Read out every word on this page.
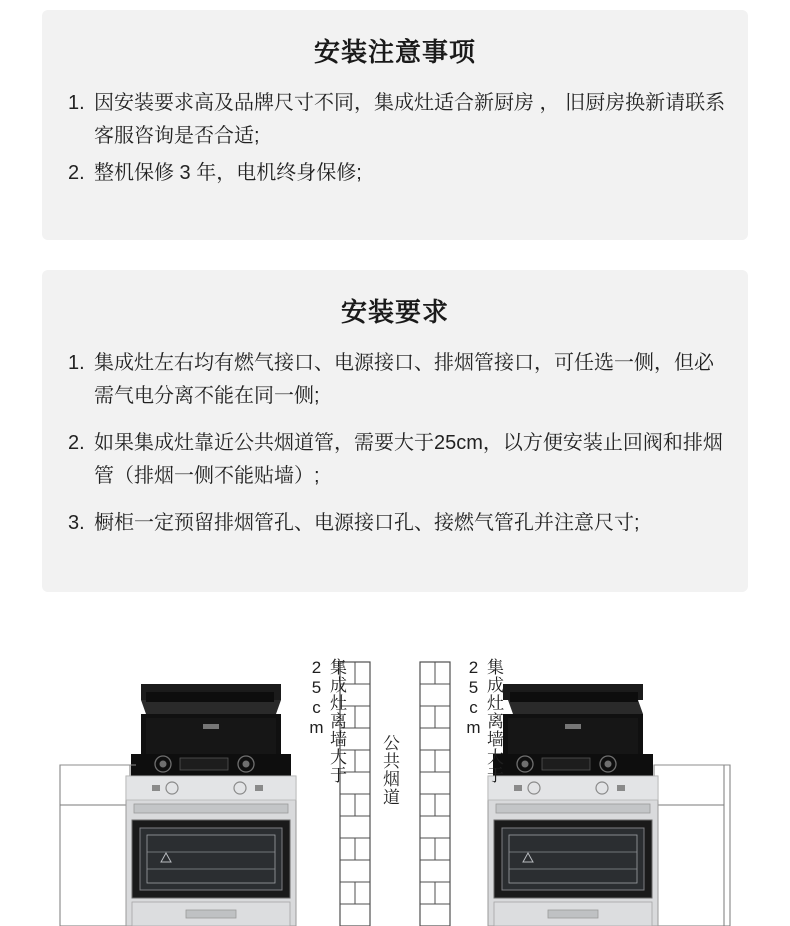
安装注意事项
因安装要求高及品牌尺寸不同，集成灶适合新厨房 ， 旧厨房换新请联系客服咨询是否合适;
整机保修 3 年，电机终身保修;
安装要求
集成灶左右均有燃气接口、电源接口、排烟管接口，可任选一侧，但必需气电分离不能在同一侧;
如果集成灶靠近公共烟道管，需要大于25cm，以方便安装止回阀和排烟管（排烟一侧不能贴墙）;
橱柜一定预留排烟管孔、电源接口孔、接燃气管孔并注意尺寸;
集成灶离墙大于25cm	集成灶离墙大于25cm
公共烟道
